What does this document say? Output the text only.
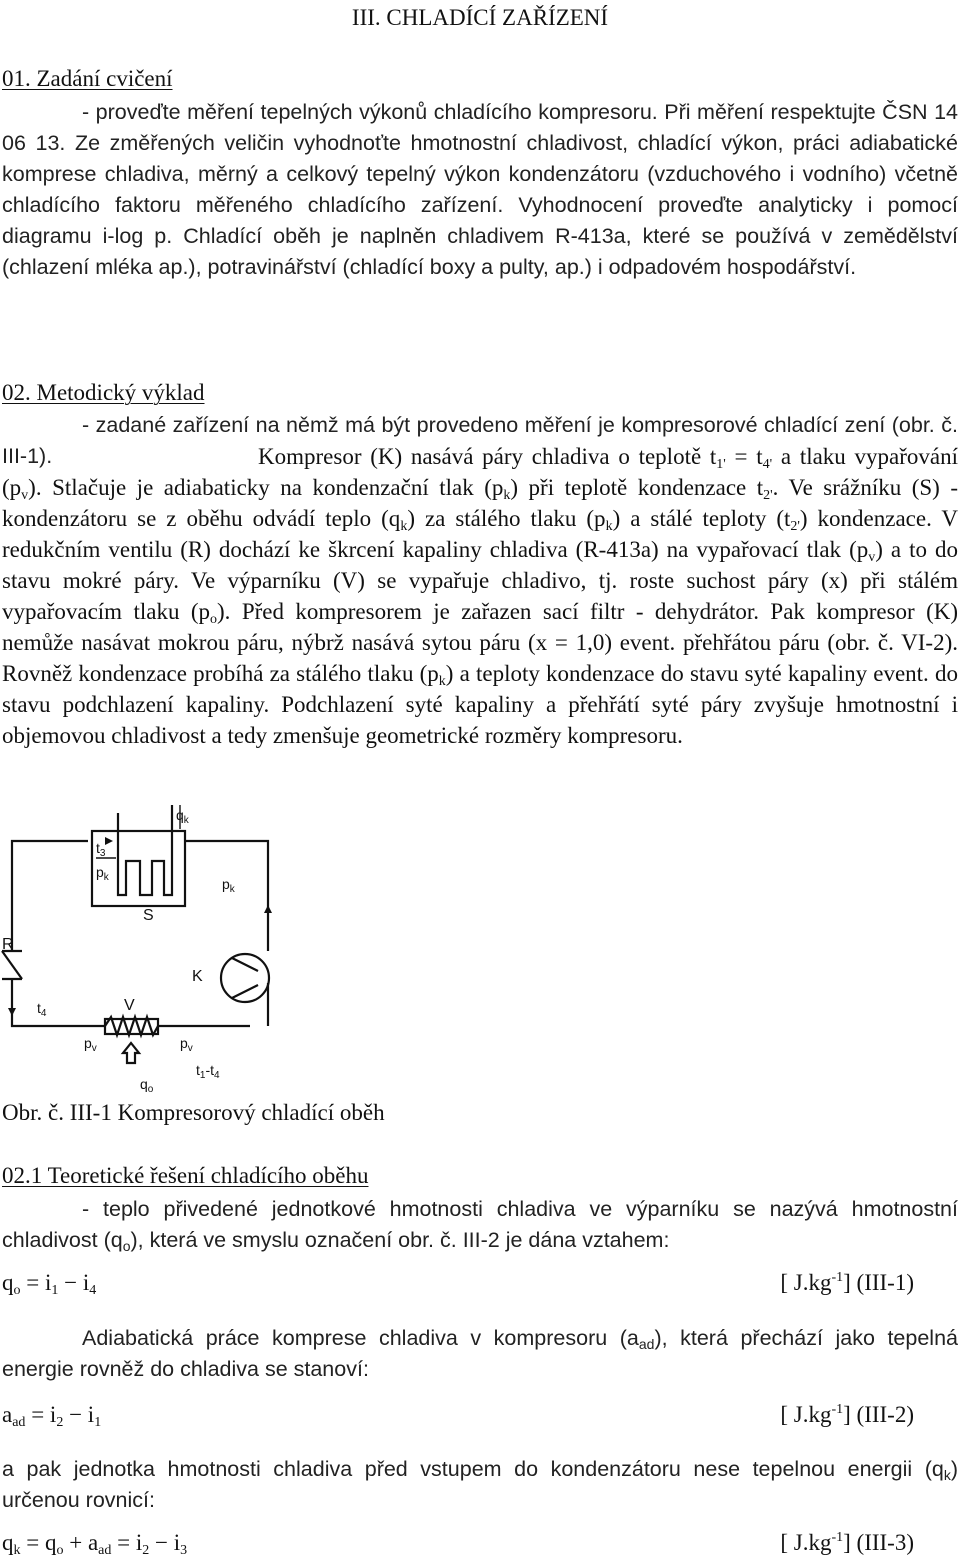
III. CHLADÍCÍ ZAŘÍZENÍ
01. Zadání cvičení
- proveďte měření tepelných výkonů chladícího kompresoru. Při měření respektujte ČSN 14 06 13. Ze změřených veličin vyhodnoťte hmotnostní chladivost, chladící výkon, práci adiabatické komprese chladiva, měrný a celkový tepelný výkon kondenzátoru (vzduchového i vodního) včetně chladícího faktoru měřeného chladícího zařízení. Vyhodnocení proveďte analyticky i pomocí diagramu i-log p. Chladící oběh je naplněn chladivem R-413a, které se používá v zemědělství (chlazení mléka ap.), potravinářství (chladící boxy a pulty, ap.) i odpadovém hospodářství.
02. Metodický výklad
- zadané zařízení na němž má být provedeno měření je kompresorové chladící zení (obr. č. III-1).	Kompresor (K) nasává páry chladiva o teplotě $t_{1'} = t_{4'}$ a tlaku vypařování $(p_v)$. Stlačuje je adiabaticky na kondenzační tlak $(p_k)$ při teplotě kondenzace $t_{2'}$. Ve srážníku (S) - kondenzátoru se z oběhu odvádí teplo $(q_k)$ za stálého tlaku $(p_k)$ a stálé teploty $(t_{2'})$ kondenzace. V redukčním ventilu (R) dochází ke škrcení kapaliny chladiva (R-413a) na vypařovací tlak $(p_v)$ a to do stavu mokré páry. Ve výparníku (V) se vypařuje chladivo, tj. roste suchost páry (x) při stálém vypařovacím tlaku $(p_o)$. Před kompresorem je zařazen sací filtr - dehydrátor. Pak kompresor (K) nemůže nasávat mokrou páru, nýbrž nasává sytou páru (x = 1,0) event. přehřátou páru (obr. č. VI-2). Rovněž kondenzace probíhá za stálého tlaku $(p_k)$ a teploty kondenzace do stavu syté kapaliny event. do stavu podchlazení kapaliny. Podchlazení syté kapaliny a přehřátí syté páry zvyšuje hmotnostní i objemovou chladivost a tedy zmenšuje geometrické rozměry kompresoru.
$q_k$
$t_3$
$p_k$	$p_k$
S
R
K
$t_4$	V
$p_v$	$p_v$
$q_o$
$t_1-t_4$
Obr. č. III-1 Kompresorový chladící oběh
02.1 Teoretické řešení chladícího oběhu
- teplo přivedené jednotkové hmotnosti chladiva ve výparníku se nazývá hmotnostní chladivost $(q_o)$, která ve smyslu označení obr. č. III-2 je dána vztahem:
$q_o = i_1 - i_4$	[ $J.kg^{-1}$] (III-1)
Adiabatická práce komprese chladiva v kompresoru $(a_{ad})$, která přechází jako tepelná energie rovněž do chladiva se stanoví:
$a_{ad} = i_2 - i_1$	[ $J.kg^{-1}$] (III-2)
a pak jednotka hmotnosti chladiva před vstupem do kondenzátoru nese tepelnou energii $(q_k)$ určenou rovnicí:
$q_k = q_o + a_{ad} = i_2 - i_3$	[ $J.kg^{-1}$] (III-3)
